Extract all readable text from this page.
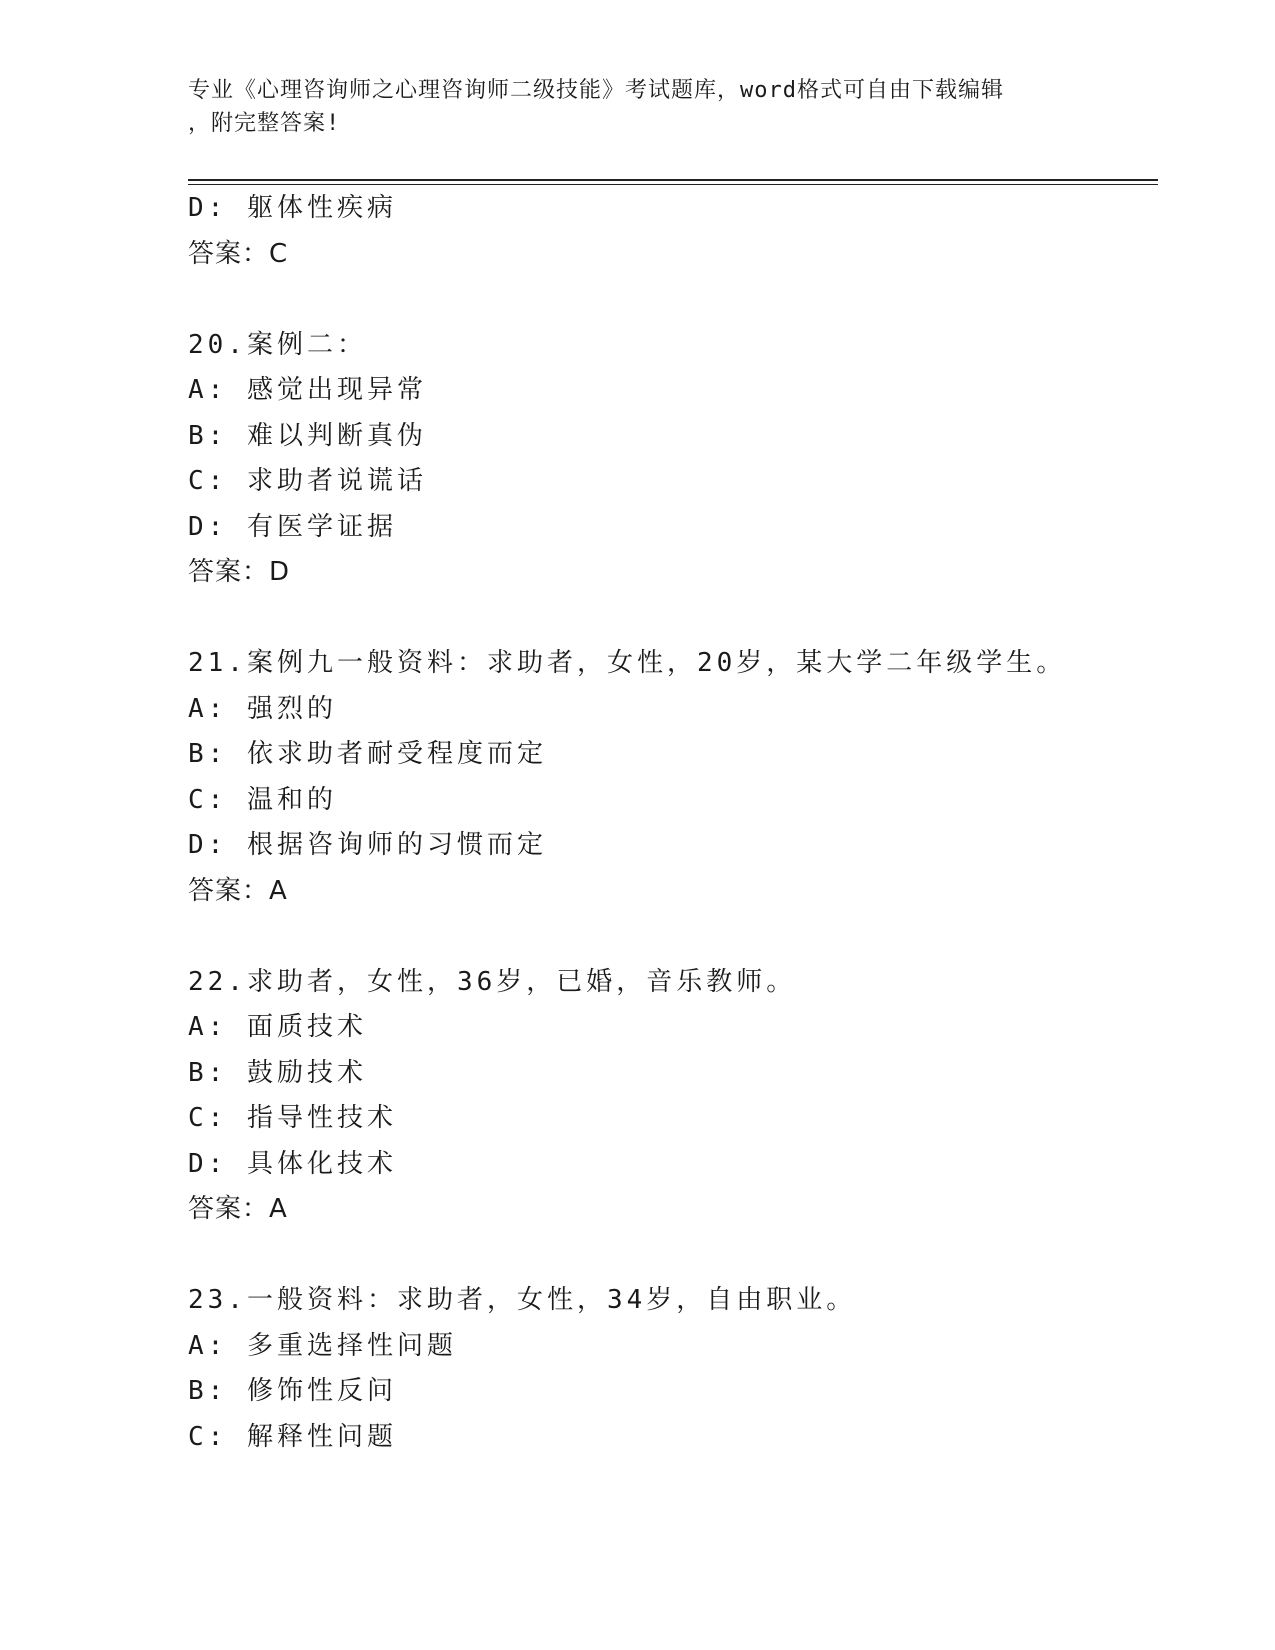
专业《心理咨询师之心理咨询师二级技能》考试题库，word格式可自由下载编辑
，附完整答案!
D: 躯体性疾病
答案：C
20.案例二：
A: 感觉出现异常
B: 难以判断真伪
C: 求助者说谎话
D: 有医学证据
答案：D
21.案例九一般资料：求助者，女性，20岁，某大学二年级学生。
A: 强烈的
B: 依求助者耐受程度而定
C: 温和的
D: 根据咨询师的习惯而定
答案：A
22.求助者，女性，36岁，已婚，音乐教师。
A: 面质技术
B: 鼓励技术
C: 指导性技术
D: 具体化技术
答案：A
23.一般资料：求助者，女性，34岁，自由职业。
A: 多重选择性问题
B: 修饰性反问
C: 解释性问题
